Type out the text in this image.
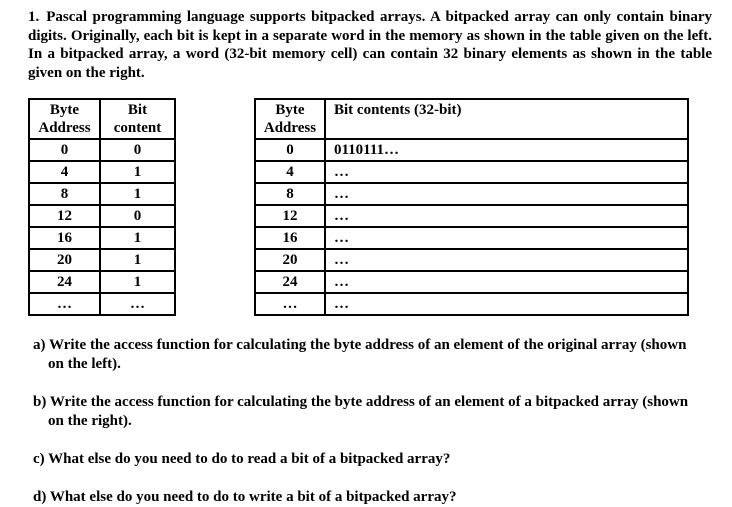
1. Pascal programming language supports bitpacked arrays. A bitpacked array can only contain binary digits. Originally, each bit is kept in a separate word in the memory as shown in the table given on the left. In a bitpacked array, a word (32-bit memory cell) can contain 32 binary elements as shown in the table given on the right.

Byte Address	Bit content
0	0
4	1
8	1
12	0
16	1
20	1
24	1
…	…
Byte Address	Bit contents (32-bit)
0	0110111…
4	…
8	…
12	…
16	…
20	…
24	…
…	…
a) Write the access function for calculating the byte address of an element of the original array (shown on the left).
b) Write the access function for calculating the byte address of an element of a bitpacked array (shown on the right).
c) What else do you need to do to read a bit of a bitpacked array?
d) What else do you need to do to write a bit of a bitpacked array?
